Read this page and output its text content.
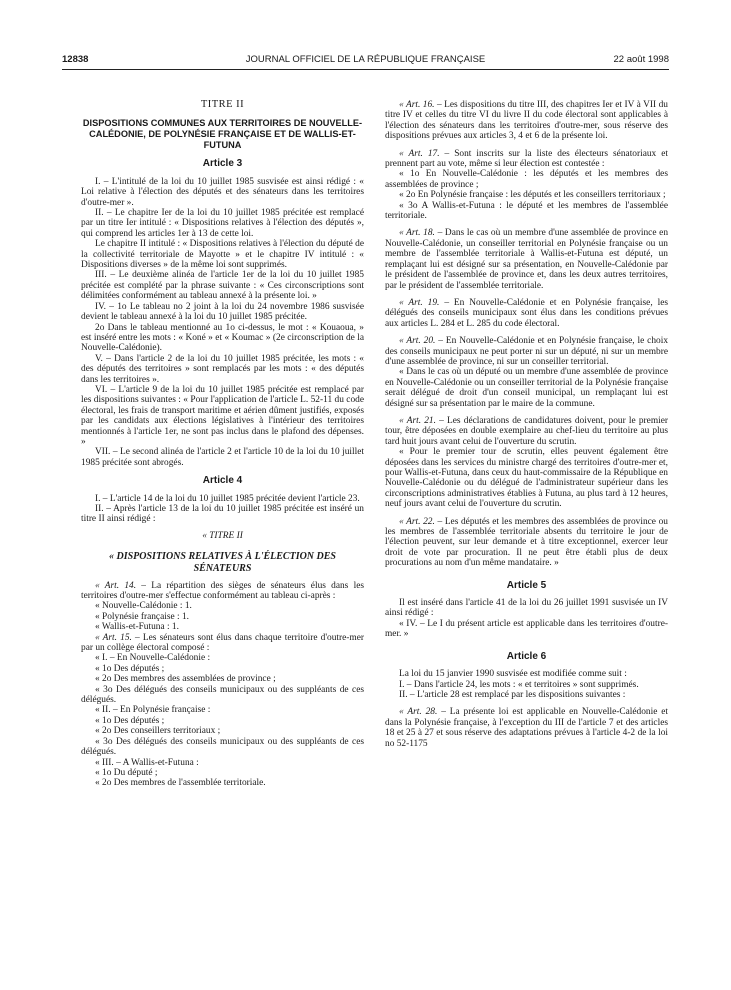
12838	JOURNAL OFFICIEL DE LA RÉPUBLIQUE FRANÇAISE	22 août 1998

TITRE II

DISPOSITIONS COMMUNES AUX TERRITOIRES DE NOUVELLE-CALÉDONIE, DE POLYNÉSIE FRANÇAISE ET DE WALLIS-ET-FUTUNA

Article 3

I. – L'intitulé de la loi du 10 juillet 1985 susvisée est ainsi rédigé : « Loi relative à l'élection des députés et des sénateurs dans les territoires d'outre-mer ».

II. – Le chapitre Ier de la loi du 10 juillet 1985 précitée est remplacé par un titre Ier intitulé : « Dispositions relatives à l'élection des députés », qui comprend les articles 1er à 13 de cette loi.

Le chapitre II intitulé : « Dispositions relatives à l'élection du député de la collectivité territoriale de Mayotte » et le chapitre IV intitulé : « Dispositions diverses » de la même loi sont supprimés.

III. – Le deuxième alinéa de l'article 1er de la loi du 10 juillet 1985 précitée est complété par la phrase suivante : « Ces circonscriptions sont délimitées conformément au tableau annexé à la présente loi. »

IV. – 1o Le tableau no 2 joint à la loi du 24 novembre 1986 susvisée devient le tableau annexé à la loi du 10 juillet 1985 précitée.

2o Dans le tableau mentionné au 1o ci-dessus, le mot : « Kouaoua, » est inséré entre les mots : « Koné » et « Koumac » (2e circonscription de la Nouvelle-Calédonie).

V. – Dans l'article 2 de la loi du 10 juillet 1985 précitée, les mots : « des députés des territoires » sont remplacés par les mots : « des députés dans les territoires ».

VI. – L'article 9 de la loi du 10 juillet 1985 précitée est remplacé par les dispositions suivantes : « Pour l'application de l'article L. 52-11 du code électoral, les frais de transport maritime et aérien dûment justifiés, exposés par les candidats aux élections législatives à l'intérieur des territoires mentionnés à l'article 1er, ne sont pas inclus dans le plafond des dépenses. »

VII. – Le second alinéa de l'article 2 et l'article 10 de la loi du 10 juillet 1985 précitée sont abrogés.

Article 4

I. – L'article 14 de la loi du 10 juillet 1985 précitée devient l'article 23.

II. – Après l'article 13 de la loi du 10 juillet 1985 précitée est inséré un titre II ainsi rédigé :

« TITRE II

« DISPOSITIONS RELATIVES À L'ÉLECTION DES SÉNATEURS

« Art. 14. – La répartition des sièges de sénateurs élus dans les territoires d'outre-mer s'effectue conformément au tableau ci-après :

« Nouvelle-Calédonie : 1.

« Polynésie française : 1.

« Wallis-et-Futuna : 1.

« Art. 15. – Les sénateurs sont élus dans chaque territoire d'outre-mer par un collège électoral composé :

« I. – En Nouvelle-Calédonie :

« 1o Des députés ;

« 2o Des membres des assemblées de province ;

« 3o Des délégués des conseils municipaux ou des suppléants de ces délégués.

« II. – En Polynésie française :

« 1o Des députés ;

« 2o Des conseillers territoriaux ;

« 3o Des délégués des conseils municipaux ou des suppléants de ces délégués.

« III. – A Wallis-et-Futuna :

« 1o Du député ;

« 2o Des membres de l'assemblée territoriale.

« Art. 16. – Les dispositions du titre III, des chapitres Ier et IV à VII du titre IV et celles du titre VI du livre II du code électoral sont applicables à l'élection des sénateurs dans les territoires d'outre-mer, sous réserve des dispositions prévues aux articles 3, 4 et 6 de la présente loi.

« Art. 17. – Sont inscrits sur la liste des électeurs sénatoriaux et prennent part au vote, même si leur élection est contestée :

« 1o En Nouvelle-Calédonie : les députés et les membres des assemblées de province ;

« 2o En Polynésie française : les députés et les conseillers territoriaux ;

« 3o A Wallis-et-Futuna : le député et les membres de l'assemblée territoriale.

« Art. 18. – Dans le cas où un membre d'une assemblée de province en Nouvelle-Calédonie, un conseiller territorial en Polynésie française ou un membre de l'assemblée territoriale à Wallis-et-Futuna est député, un remplaçant lui est désigné sur sa présentation, en Nouvelle-Calédonie par le président de l'assemblée de province et, dans les deux autres territoires, par le président de l'assemblée territoriale.

« Art. 19. – En Nouvelle-Calédonie et en Polynésie française, les délégués des conseils municipaux sont élus dans les conditions prévues aux articles L. 284 et L. 285 du code électoral.

« Art. 20. – En Nouvelle-Calédonie et en Polynésie française, le choix des conseils municipaux ne peut porter ni sur un député, ni sur un membre d'une assemblée de province, ni sur un conseiller territorial.

« Dans le cas où un député ou un membre d'une assemblée de province en Nouvelle-Calédonie ou un conseiller territorial de la Polynésie française serait délégué de droit d'un conseil municipal, un remplaçant lui est désigné sur sa présentation par le maire de la commune.

« Art. 21. – Les déclarations de candidatures doivent, pour le premier tour, être déposées en double exemplaire au chef-lieu du territoire au plus tard huit jours avant celui de l'ouverture du scrutin.

« Pour le premier tour de scrutin, elles peuvent également être déposées dans les services du ministre chargé des territoires d'outre-mer et, pour Wallis-et-Futuna, dans ceux du haut-commissaire de la République en Nouvelle-Calédonie ou du délégué de l'administrateur supérieur dans les circonscriptions administratives établies à Futuna, au plus tard à 12 heures, neuf jours avant celui de l'ouverture du scrutin.

« Art. 22. – Les députés et les membres des assemblées de province ou les membres de l'assemblée territoriale absents du territoire le jour de l'élection peuvent, sur leur demande et à titre exceptionnel, exercer leur droit de vote par procuration. Il ne peut être établi plus de deux procurations au nom d'un même mandataire. »

Article 5

Il est inséré dans l'article 41 de la loi du 26 juillet 1991 susvisée un IV ainsi rédigé :

« IV. – Le I du présent article est applicable dans les territoires d'outre-mer. »

Article 6

La loi du 15 janvier 1990 susvisée est modifiée comme suit :

I. – Dans l'article 24, les mots : « et territoires » sont supprimés.

II. – L'article 28 est remplacé par les dispositions suivantes :

« Art. 28. – La présente loi est applicable en Nouvelle-Calédonie et dans la Polynésie française, à l'exception du III de l'article 7 et des articles 18 et 25 à 27 et sous réserve des adaptations prévues à l'article 4-2 de la loi no 52-1175
